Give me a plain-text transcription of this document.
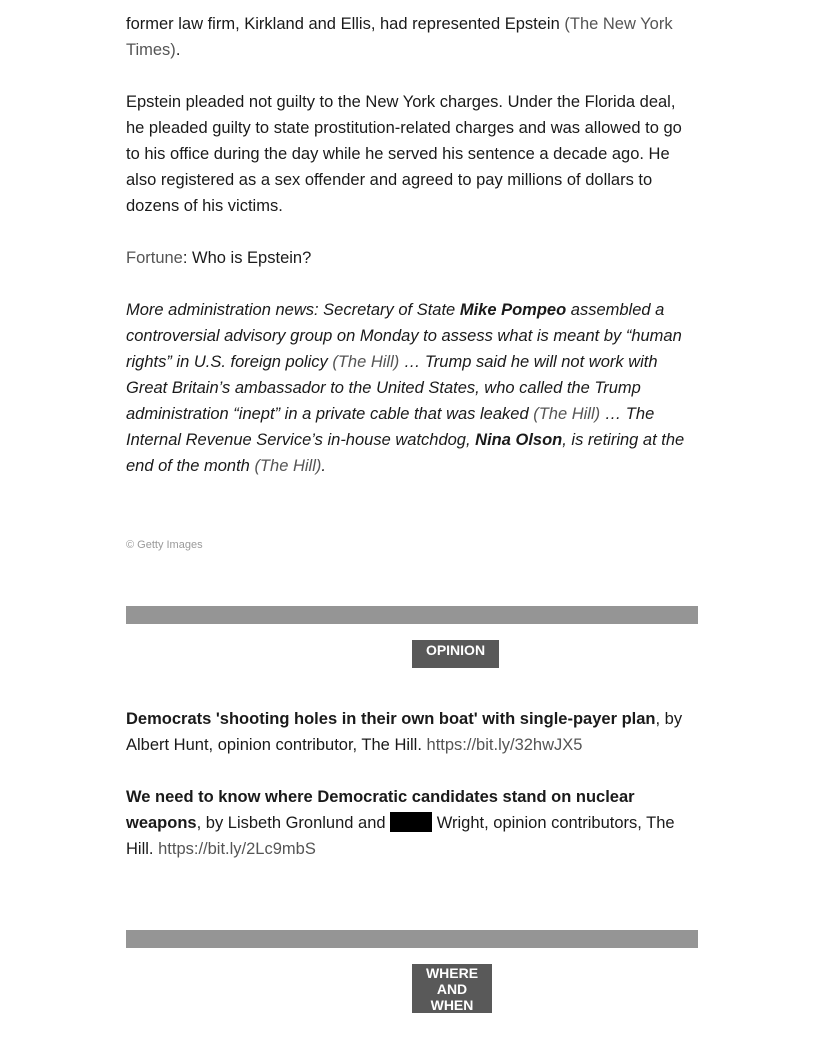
former law firm, Kirkland and Ellis, had represented Epstein (The New York Times).

Epstein pleaded not guilty to the New York charges. Under the Florida deal, he pleaded guilty to state prostitution-related charges and was allowed to go to his office during the day while he served his sentence a decade ago. He also registered as a sex offender and agreed to pay millions of dollars to dozens of his victims.

Fortune: Who is Epstein?

More administration news: Secretary of State Mike Pompeo assembled a controversial advisory group on Monday to assess what is meant by “human rights” in U.S. foreign policy (The Hill) … Trump said he will not work with Great Britain’s ambassador to the United States, who called the Trump administration “inept” in a private cable that was leaked (The Hill) … The Internal Revenue Service’s in-house watchdog, Nina Olson, is retiring at the end of the month (The Hill).

© Getty Images
OPINION

Democrats 'shooting holes in their own boat' with single-payer plan, by Albert Hunt, opinion contributor, The Hill. https://bit.ly/32hwJX5

We need to know where Democratic candidates stand on nuclear weapons, by Lisbeth Gronlund and	Wright, opinion contributors, The Hill. https://bit.ly/2Lc9mbS

WHERE
AND
WHEN
